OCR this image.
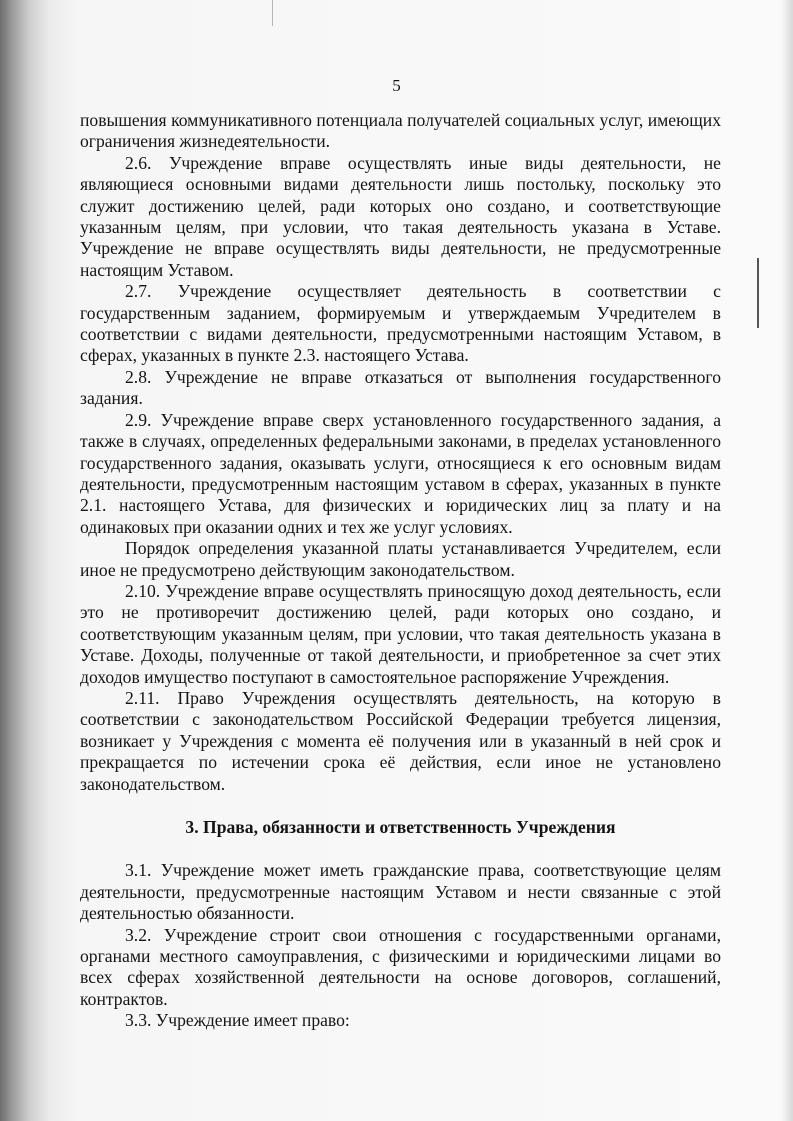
5

повышения коммуникативного потенциала получателей социальных услуг, имеющих ограничения жизнедеятельности.

2.6. Учреждение вправе осуществлять иные виды деятельности, не являющиеся основными видами деятельности лишь постольку, поскольку это служит достижению целей, ради которых оно создано, и соответствующие указанным целям, при условии, что такая деятельность указана в Уставе. Учреждение не вправе осуществлять виды деятельности, не предусмотренные настоящим Уставом.

2.7. Учреждение осуществляет деятельность в соответствии с государственным заданием, формируемым и утверждаемым Учредителем в соответствии с видами деятельности, предусмотренными настоящим Уставом, в сферах, указанных в пункте 2.3. настоящего Устава.

2.8. Учреждение не вправе отказаться от выполнения государственного задания.

2.9. Учреждение вправе сверх установленного государственного задания, а также в случаях, определенных федеральными законами, в пределах установленного государственного задания, оказывать услуги, относящиеся к его основным видам деятельности, предусмотренным настоящим уставом в сферах, указанных в пункте 2.1. настоящего Устава, для физических и юридических лиц за плату и на одинаковых при оказании одних и тех же услуг условиях.

Порядок определения указанной платы устанавливается Учредителем, если иное не предусмотрено действующим законодательством.

2.10. Учреждение вправе осуществлять приносящую доход деятельность, если это не противоречит достижению целей, ради которых оно создано, и соответствующим указанным целям, при условии, что такая деятельность указана в Уставе. Доходы, полученные от такой деятельности, и приобретенное за счет этих доходов имущество поступают в самостоятельное распоряжение Учреждения.

2.11. Право Учреждения осуществлять деятельность, на которую в соответствии с законодательством Российской Федерации требуется лицензия, возникает у Учреждения с момента её получения или в указанный в ней срок и прекращается по истечении срока её действия, если иное не установлено законодательством.

3. Права, обязанности и ответственность Учреждения

3.1. Учреждение может иметь гражданские права, соответствующие целям деятельности, предусмотренные настоящим Уставом и нести связанные с этой деятельностью обязанности.

3.2. Учреждение строит свои отношения с государственными органами, органами местного самоуправления, с физическими и юридическими лицами во всех сферах хозяйственной деятельности на основе договоров, соглашений, контрактов.

3.3. Учреждение имеет право:
